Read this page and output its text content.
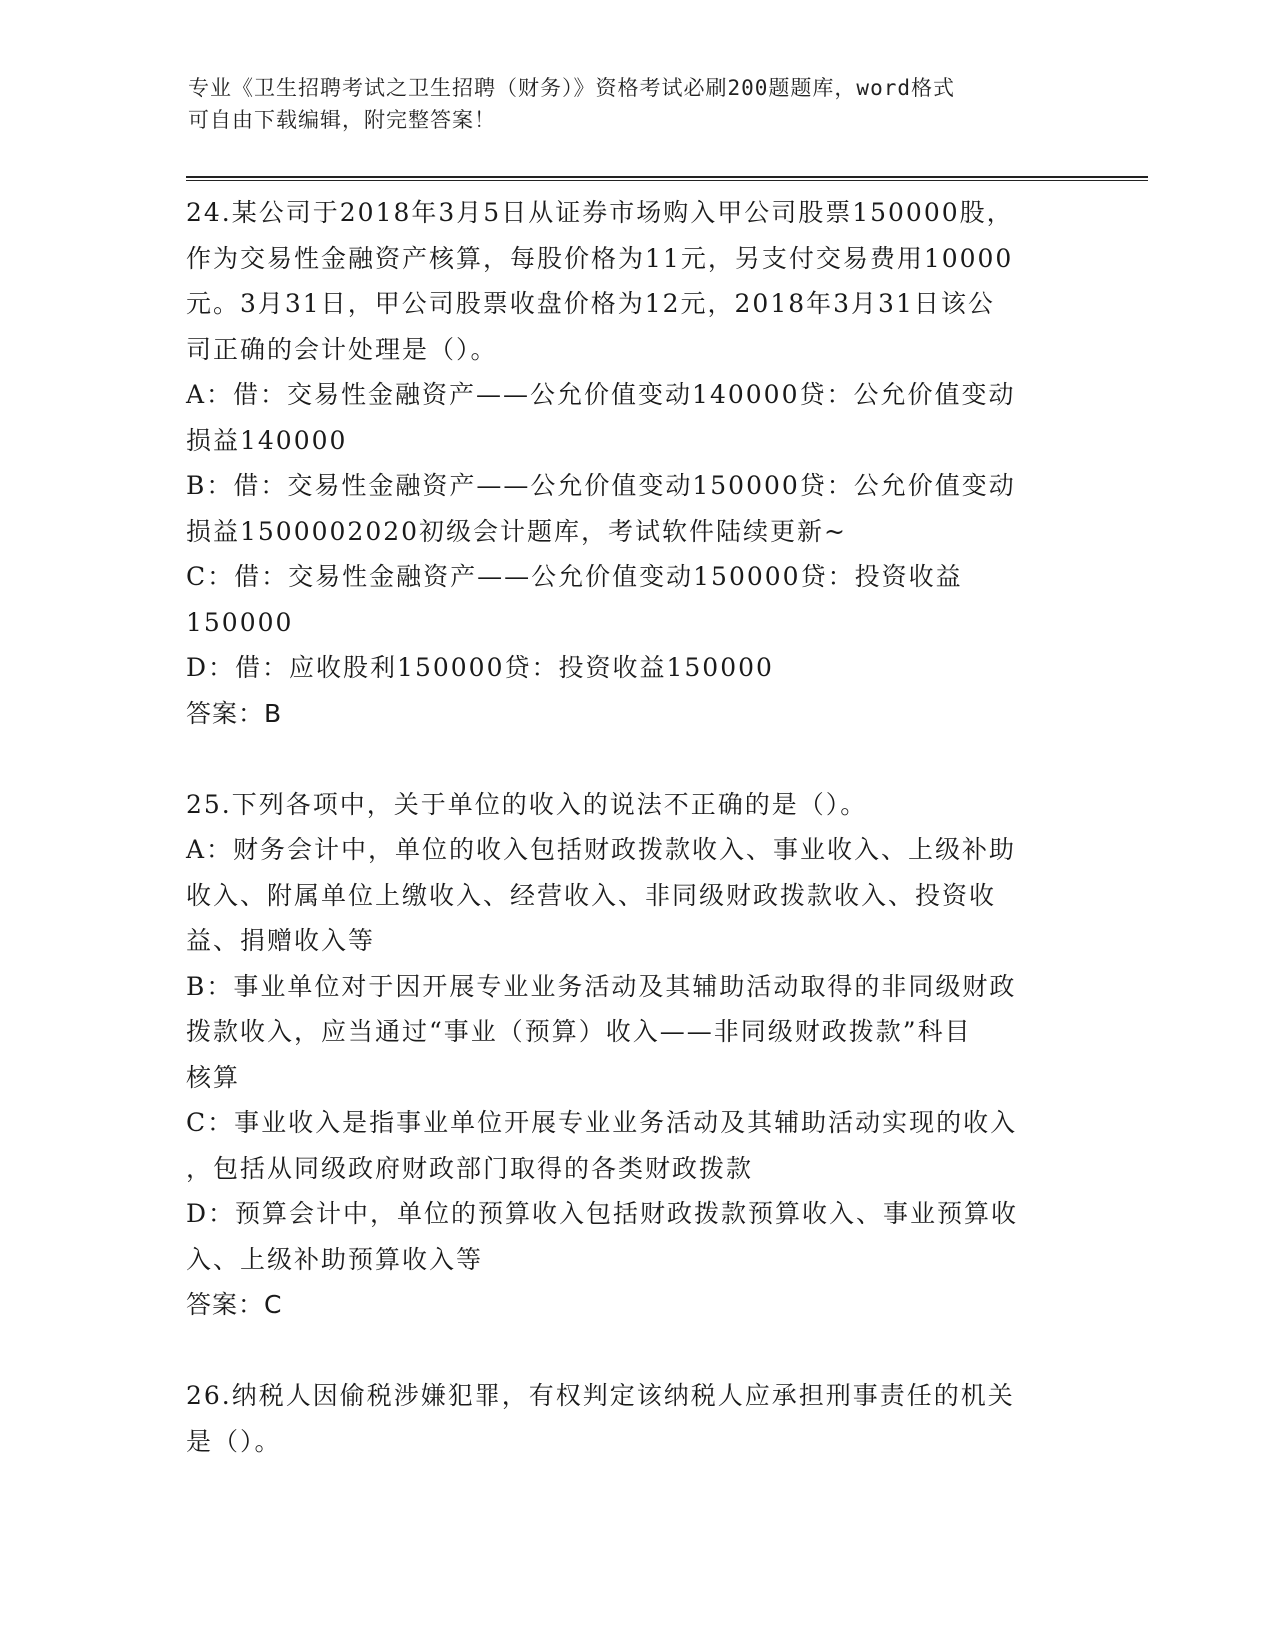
专业《卫生招聘考试之卫生招聘（财务）》资格考试必刷200题题库，word格式

可自由下载编辑，附完整答案！

24.某公司于2018年3月5日从证券市场购入甲公司股票150000股，

作为交易性金融资产核算，每股价格为11元，另支付交易费用10000

元。3月31日，甲公司股票收盘价格为12元，2018年3月31日该公

司正确的会计处理是（）。

A：借：交易性金融资产——公允价值变动140000贷：公允价值变动

损益140000

B：借：交易性金融资产——公允价值变动150000贷：公允价值变动

损益1500002020初级会计题库，考试软件陆续更新~

C：借：交易性金融资产——公允价值变动150000贷：投资收益

150000

D：借：应收股利150000贷：投资收益150000

答案：B

25.下列各项中，关于单位的收入的说法不正确的是（）。

A：财务会计中，单位的收入包括财政拨款收入、事业收入、上级补助

收入、附属单位上缴收入、经营收入、非同级财政拨款收入、投资收

益、捐赠收入等

B：事业单位对于因开展专业业务活动及其辅助活动取得的非同级财政

拨款收入，应当通过“事业（预算）收入——非同级财政拨款”科目

核算

C：事业收入是指事业单位开展专业业务活动及其辅助活动实现的收入

，包括从同级政府财政部门取得的各类财政拨款

D：预算会计中，单位的预算收入包括财政拨款预算收入、事业预算收

入、上级补助预算收入等

答案：C

26.纳税人因偷税涉嫌犯罪，有权判定该纳税人应承担刑事责任的机关

是（）。
